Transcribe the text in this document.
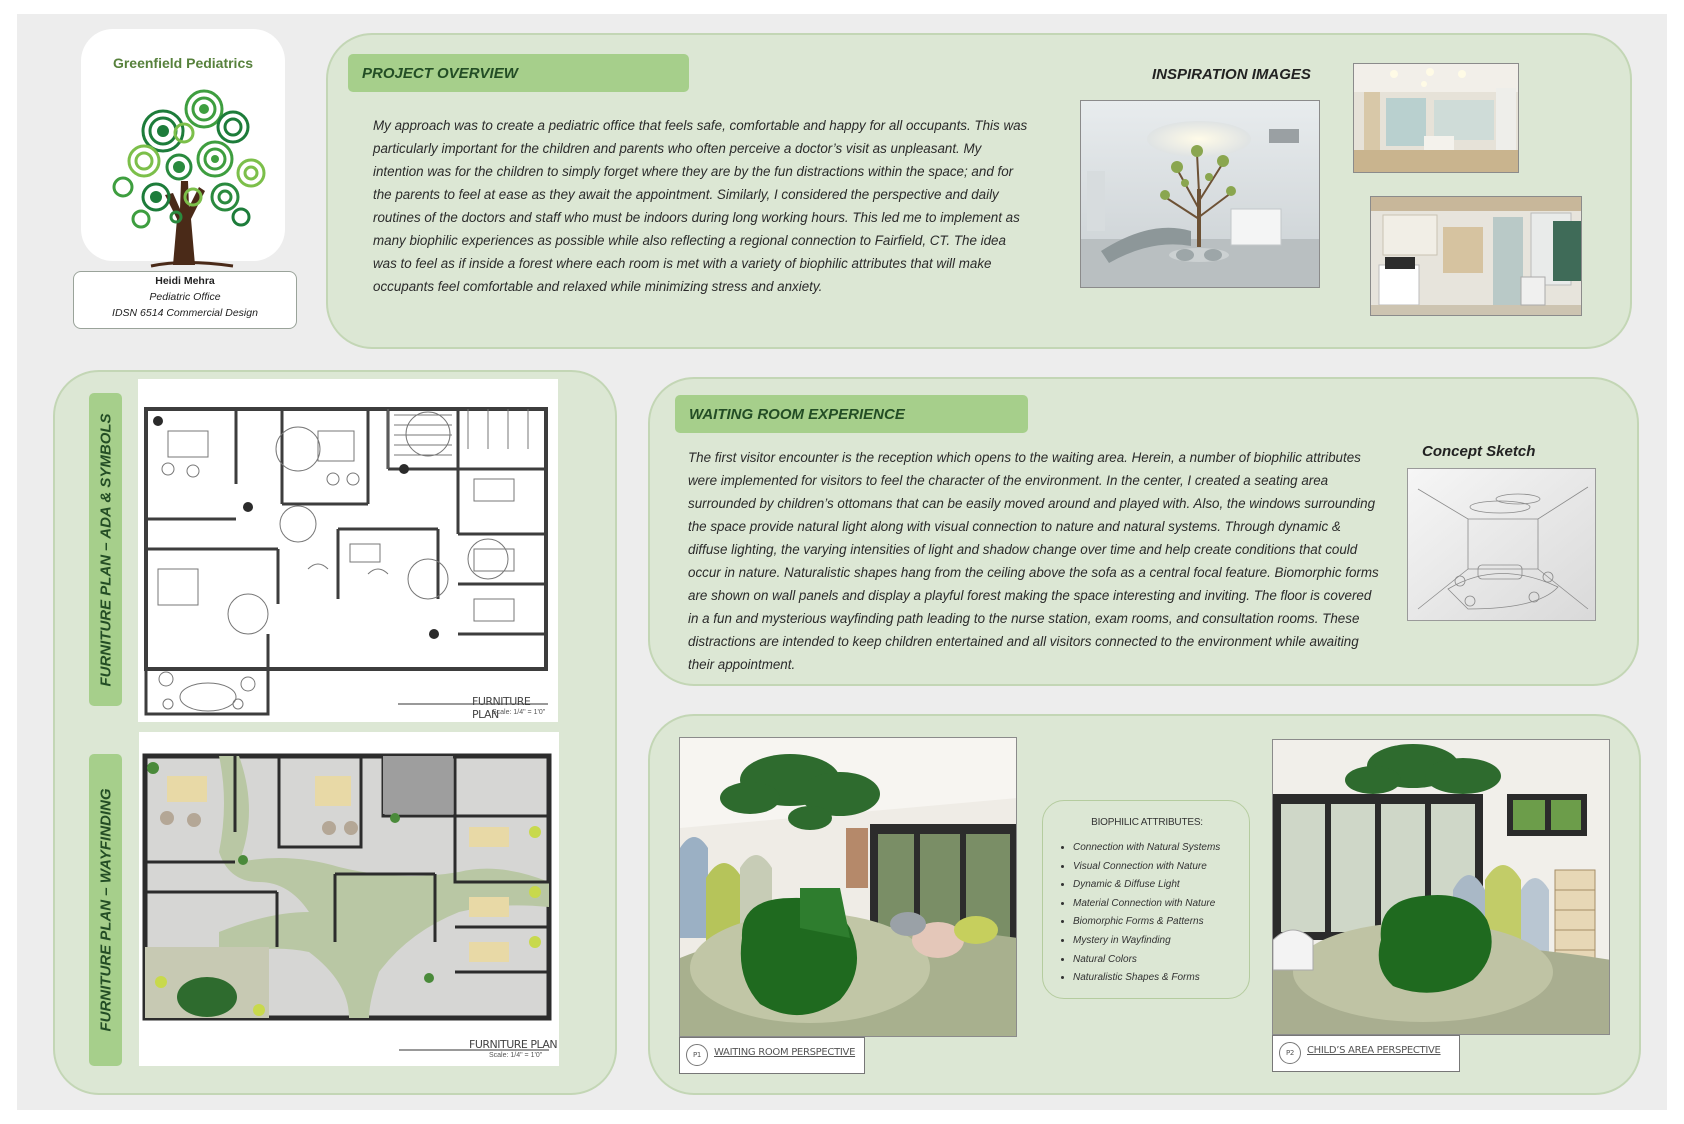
Greenfield Pediatrics
Heidi Mehra
Pediatric Office
IDSN 6514 Commercial Design
PROJECT OVERVIEW

My approach was to create a pediatric office that feels safe, comfortable and happy for all occupants. This was particularly important for the children and parents who often perceive a doctor’s visit as unpleasant. My intention was for the children to simply forget where they are by the fun distractions within the space; and for the parents to feel at ease as they await the appointment. Similarly, I considered the perspective and daily routines of the doctors and staff who must be indoors during long working hours. This led me to implement as many biophilic experiences as possible while also reflecting a regional connection to Fairfield, CT. The idea was to feel as if inside a forest where each room is met with a variety of biophilic attributes that will make occupants feel comfortable and relaxed while minimizing stress and anxiety.

INSPIRATION IMAGES
FURNITURE PLAN – ADA & SYMBOLS
FURNITURE PLAN – WAYFINDING
FURNITURE PLAN
Scale: 1/4" = 1'0"
FURNITURE PLAN
Scale: 1/4" = 1'0"
WAITING ROOM EXPERIENCE

The first visitor encounter is the reception which opens to the waiting area. Herein, a number of biophilic attributes were implemented for visitors to feel the character of the environment. In the center, I created a seating area surrounded by children’s ottomans that can be easily moved around and played with. Also, the windows surrounding the space provide natural light along with visual connection to nature and natural systems. Through dynamic & diffuse lighting, the varying intensities of light and shadow change over time and help create conditions that could occur in nature. Naturalistic shapes hang from the ceiling above the sofa as a central focal feature. Biomorphic forms are shown on wall panels and display a playful forest making the space interesting and inviting. The floor is covered in a fun and mysterious wayfinding path leading to the nurse station, exam rooms, and consultation rooms. These distractions are intended to keep children entertained and all visitors connected to the environment while awaiting their appointment.

Concept Sketch
P1	WAITING ROOM PERSPECTIVE
BIOPHILIC ATTRIBUTES:
• Connection with Natural Systems
• Visual Connection with Nature
• Dynamic & Diffuse Light
• Material Connection with Nature
• Biomorphic Forms & Patterns
• Mystery in Wayfinding
• Natural Colors
• Naturalistic Shapes & Forms
P2	CHILD’S AREA PERSPECTIVE
